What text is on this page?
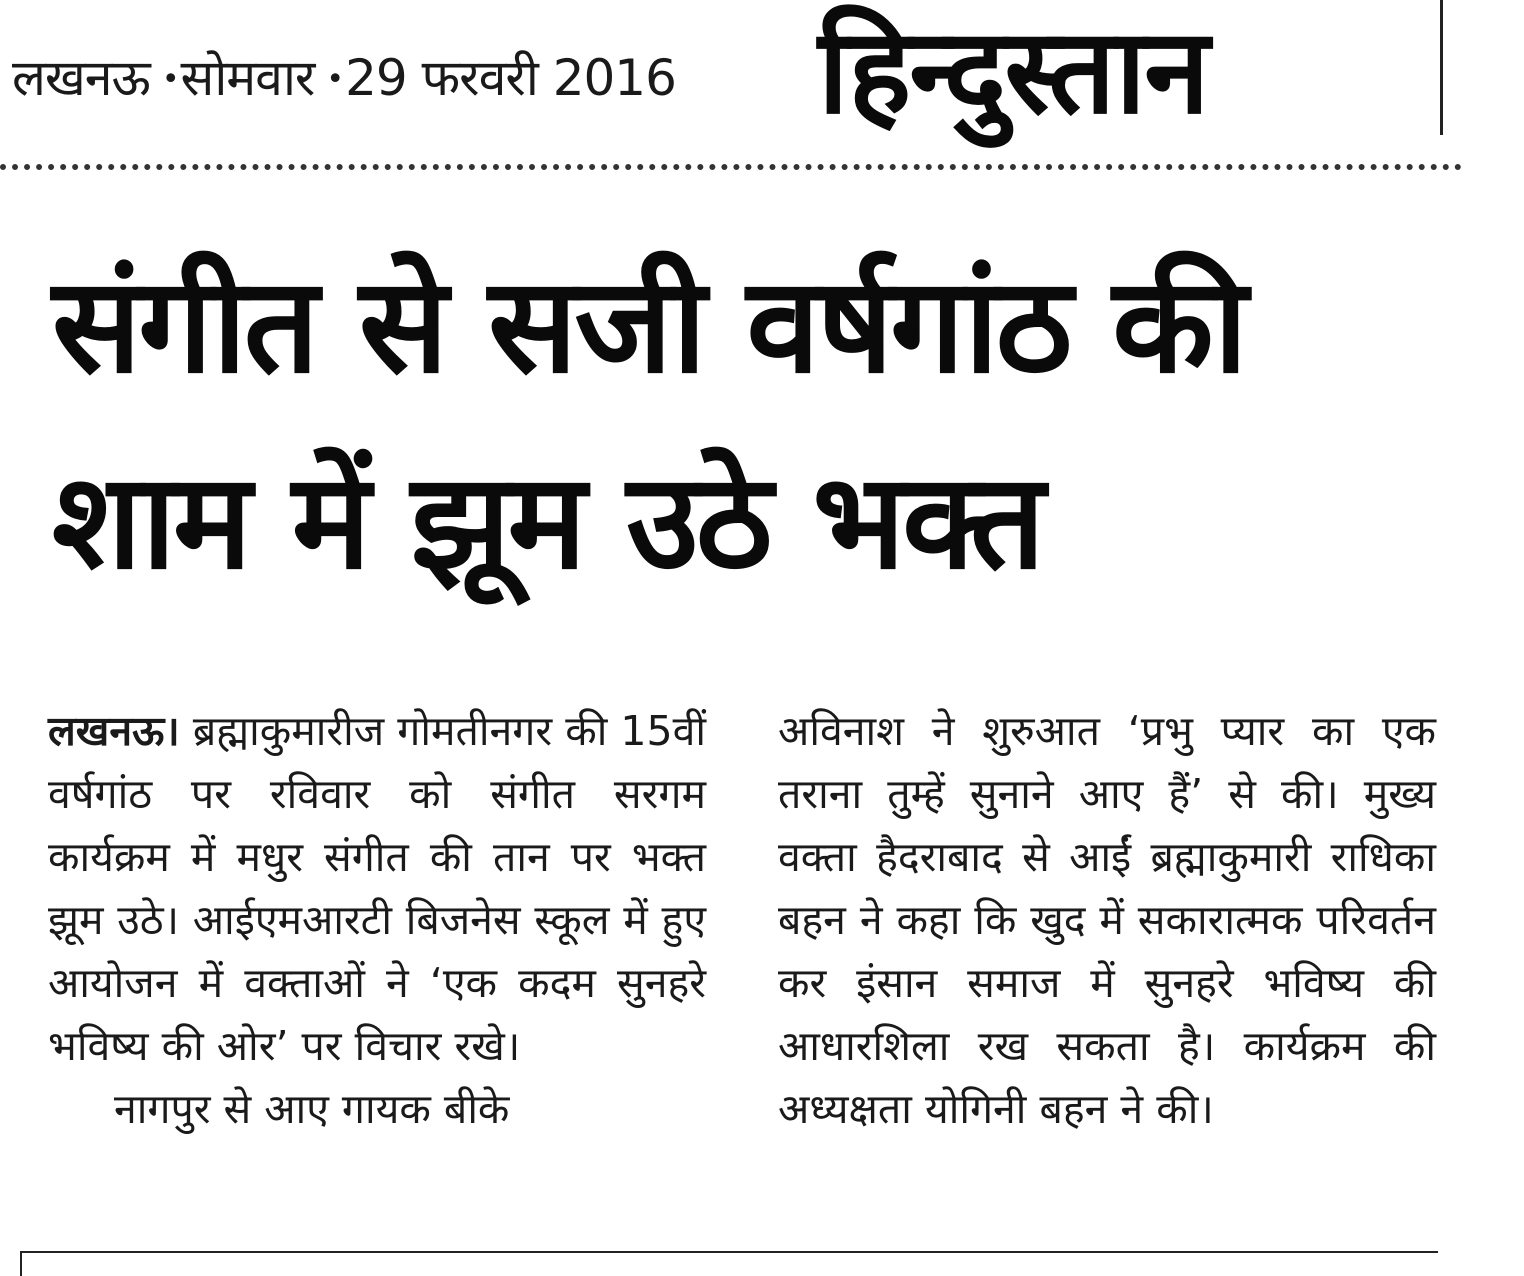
लखनऊ •सोमवार •29 फरवरी 2016 हिन्दुस्तान
संगीत से सजी वर्षगांठ की
शाम में झूम उठे भक्त

लखनऊ। ब्रह्माकुमारीज गोमतीनगर की 15वीं वर्षगांठ पर रविवार को संगीत सरगम कार्यक्रम में मधुर संगीत की तान पर भक्त झूम उठे। आईएमआरटी बिजनेस स्कूल में हुए आयोजन में वक्ताओं ने ‘एक कदम सुनहरे भविष्य की ओर’ पर विचार रखे।

नागपुर से आए गायक बीके

अविनाश ने शुरुआत ‘प्रभु प्यार का एक तराना तुम्हें सुनाने आए हैं’ से की। मुख्य वक्ता हैदराबाद से आईं ब्रह्माकुमारी राधिका बहन ने कहा कि खुद में सकारात्मक परिवर्तन कर इंसान समाज में सुनहरे भविष्य की आधारशिला रख सकता है। कार्यक्रम की अध्यक्षता योगिनी बहन ने की।
